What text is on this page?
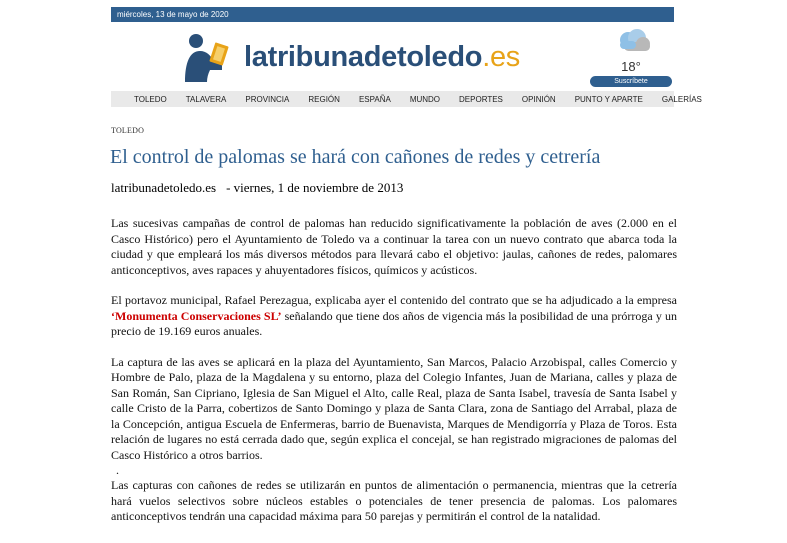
miércoles, 13 de mayo de 2020
latribunadetoledo.es	18°
Suscríbete
TOLEDO TALAVERA PROVINCIA REGIÓN ESPAÑA MUNDO DEPORTES OPINIÓN PUNTO Y APARTE GALERÍAS
TOLEDO
El control de palomas se hará con cañones de redes y cetrería
latribunadetoledo.es - viernes, 1 de noviembre de 2013

Las sucesivas campañas de control de palomas han reducido significativamente la población de aves (2.000 en el Casco Histórico) pero el Ayuntamiento de Toledo va a continuar la tarea con un nuevo contrato que abarca toda la ciudad y que empleará los más diversos métodos para llevará cabo el objetivo: jaulas, cañones de redes, palomares anticonceptivos, aves rapaces y ahuyentadores físicos, químicos y acústicos.

El portavoz municipal, Rafael Perezagua, explicaba ayer el contenido del contrato que se ha adjudicado a la empresa ‘Monumenta Conservaciones SL’ señalando que tiene dos años de vigencia más la posibilidad de una prórroga y un precio de 19.169 euros anuales.

La captura de las aves se aplicará en la plaza del Ayuntamiento, San Marcos, Palacio Arzobispal, calles Comercio y Hombre de Palo, plaza de la Magdalena y su entorno, plaza del Colegio Infantes, Juan de Mariana, calles y plaza de San Román, San Cipriano, Iglesia de San Miguel el Alto, calle Real, plaza de Santa Isabel, travesía de Santa Isabel y calle Cristo de la Parra, cobertizos de Santo Domingo y plaza de Santa Clara, zona de Santiago del Arrabal, plaza de la Concepción, antigua Escuela de Enfermeras, barrio de Buenavista, Marques de Mendigorría y Plaza de Toros. Esta relación de lugares no está cerrada dado que, según explica el concejal, se han registrado migraciones de palomas del Casco Histórico a otros barrios.

.

Las capturas con cañones de redes se utilizarán en puntos de alimentación o permanencia, mientras que la cetrería hará vuelos selectivos sobre núcleos estables o potenciales de tener presencia de palomas. Los palomares anticonceptivos tendrán una capacidad máxima para 50 parejas y permitirán el control de la natalidad.
